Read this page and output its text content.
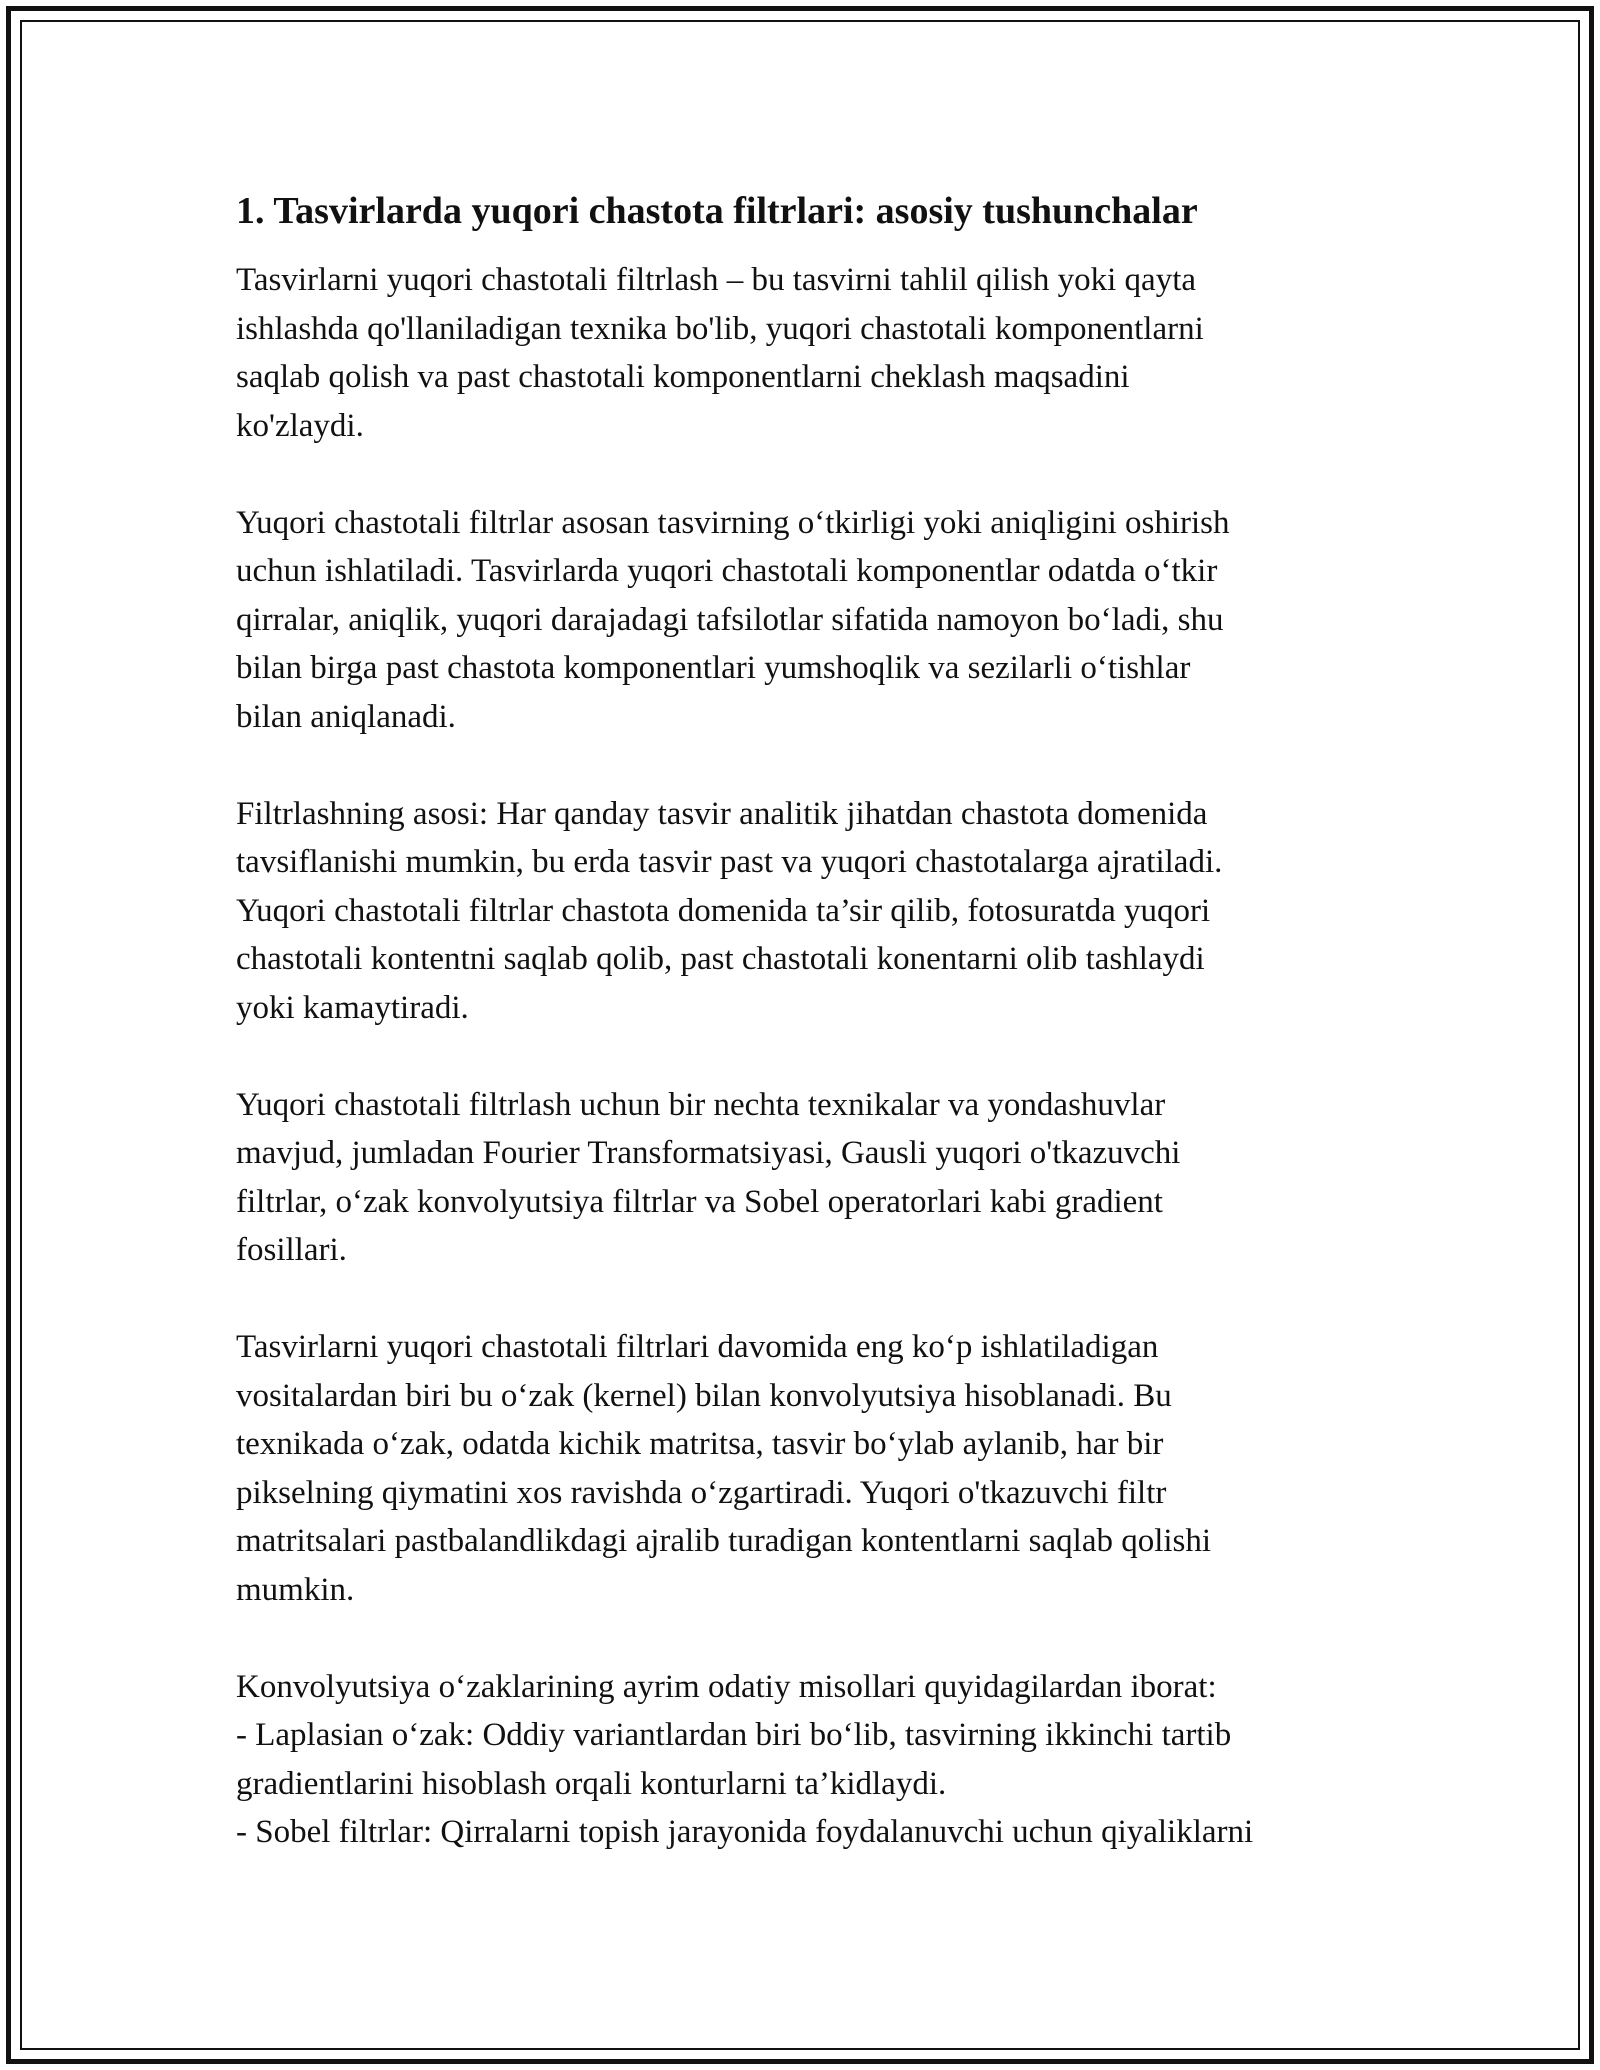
1. Tasvirlarda yuqori chastota filtrlari: asosiy tushunchalar

Tasvirlarni yuqori chastotali filtrlash – bu tasvirni tahlil qilish yoki qayta
ishlashda qo'llaniladigan texnika bo'lib, yuqori chastotali komponentlarni
saqlab qolish va past chastotali komponentlarni cheklash maqsadini
ko'zlaydi.

Yuqori chastotali filtrlar asosan tasvirning o‘tkirligi yoki aniqligini oshirish
uchun ishlatiladi. Tasvirlarda yuqori chastotali komponentlar odatda o‘tkir
qirralar, aniqlik, yuqori darajadagi tafsilotlar sifatida namoyon bo‘ladi, shu
bilan birga past chastota komponentlari yumshoqlik va sezilarli o‘tishlar
bilan aniqlanadi.

Filtrlashning asosi: Har qanday tasvir analitik jihatdan chastota domenida
tavsiflanishi mumkin, bu erda tasvir past va yuqori chastotalarga ajratiladi.
Yuqori chastotali filtrlar chastota domenida ta’sir qilib, fotosuratda yuqori
chastotali kontentni saqlab qolib, past chastotali konentarni olib tashlaydi
yoki kamaytiradi.

Yuqori chastotali filtrlash uchun bir nechta texnikalar va yondashuvlar
mavjud, jumladan Fourier Transformatsiyasi, Gausli yuqori o'tkazuvchi
filtrlar, o‘zak konvolyutsiya filtrlar va Sobel operatorlari kabi gradient
fosillari.

Tasvirlarni yuqori chastotali filtrlari davomida eng ko‘p ishlatiladigan
vositalardan biri bu o‘zak (kernel) bilan konvolyutsiya hisoblanadi. Bu
texnikada o‘zak, odatda kichik matritsa, tasvir bo‘ylab aylanib, har bir
pikselning qiymatini xos ravishda o‘zgartiradi. Yuqori o'tkazuvchi filtr
matritsalari pastbalandlikdagi ajralib turadigan kontentlarni saqlab qolishi
mumkin.

Konvolyutsiya o‘zaklarining ayrim odatiy misollari quyidagilardan iborat:

- Laplasian o‘zak: Oddiy variantlardan biri bo‘lib, tasvirning ikkinchi tartib

gradientlarini hisoblash orqali konturlarni ta’kidlaydi.

- Sobel filtrlar: Qirralarni topish jarayonida foydalanuvchi uchun qiyaliklarni
